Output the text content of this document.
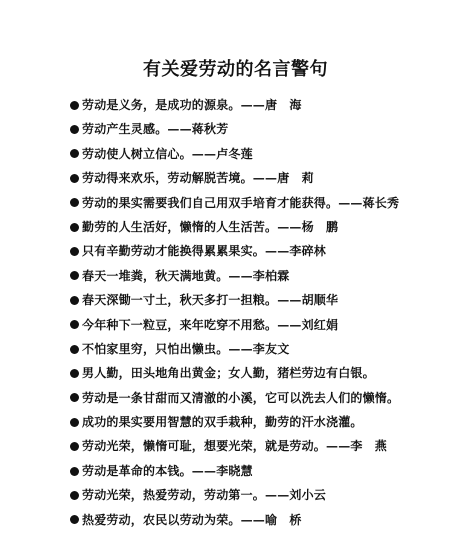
有关爱劳动的名言警句
劳动是义务，是成功的源泉。——唐　海
劳动产生灵感。——蒋秋芳
劳动使人树立信心。——卢冬莲
劳动得来欢乐，劳动解脱苦境。——唐　莉
劳动的果实需要我们自己用双手培育才能获得。——蒋长秀
勤劳的人生活好，懒惰的人生活苦。——杨　鹏
只有辛勤劳动才能换得累累果实。——李碎林
春天一堆粪，秋天满地黄。——李柏霖
春天深锄一寸土，秋天多打一担粮。——胡顺华
今年种下一粒豆，来年吃穿不用愁。——刘红娟
不怕家里穷，只怕出懒虫。——李友文
男人勤，田头地角出黄金；女人勤，猪栏劳边有白银。
劳动是一条甘甜而又清澈的小溪，它可以洗去人们的懒惰。
成功的果实要用智慧的双手栽种，勤劳的汗水浇灌。
劳动光荣，懒惰可耻，想要光荣，就是劳动。——李　燕
劳动是革命的本钱。——李晓慧
劳动光荣，热爱劳动，劳动第一。——刘小云
热爱劳动，农民以劳动为荣。——喻　桥
